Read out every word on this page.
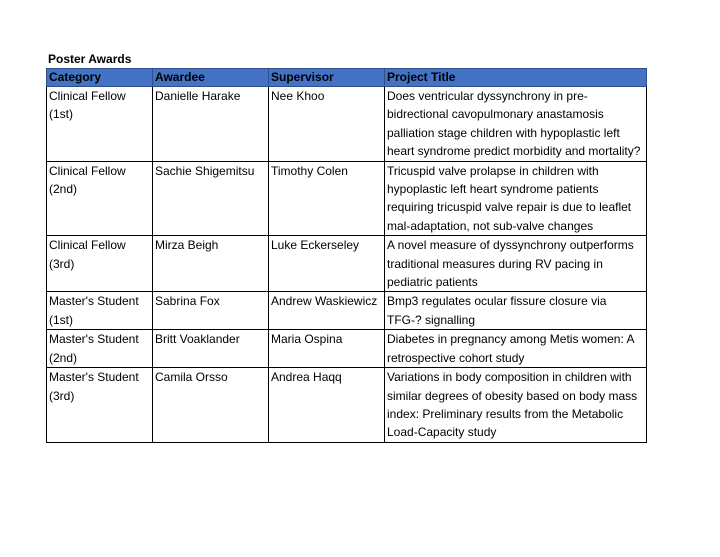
Poster Awards
Category	Awardee	Supervisor	Project Title
Clinical Fellow (1st)	Danielle Harake	Nee Khoo	Does ventricular dyssynchrony in pre-bidrectional cavopulmonary anastamosis palliation stage children with hypoplastic left heart syndrome predict morbidity and mortality?
Clinical Fellow (2nd)	Sachie Shigemitsu	Timothy Colen	Tricuspid valve prolapse in children with hypoplastic left heart syndrome patients requiring tricuspid valve repair is due to leaflet mal-adaptation, not sub-valve changes
Clinical Fellow (3rd)	Mirza Beigh	Luke Eckerseley	A novel measure of dyssynchrony outperforms traditional measures during RV pacing in pediatric patients
Master's Student (1st)	Sabrina Fox	Andrew Waskiewicz	Bmp3 regulates ocular fissure closure via TFG-? signalling
Master's Student (2nd)	Britt Voaklander	Maria Ospina	Diabetes in pregnancy among Metis women: A retrospective cohort study
Master's Student (3rd)	Camila Orsso	Andrea Haqq	Variations in body composition in children with similar degrees of obesity based on body mass index: Preliminary results from the Metabolic Load-Capacity study
